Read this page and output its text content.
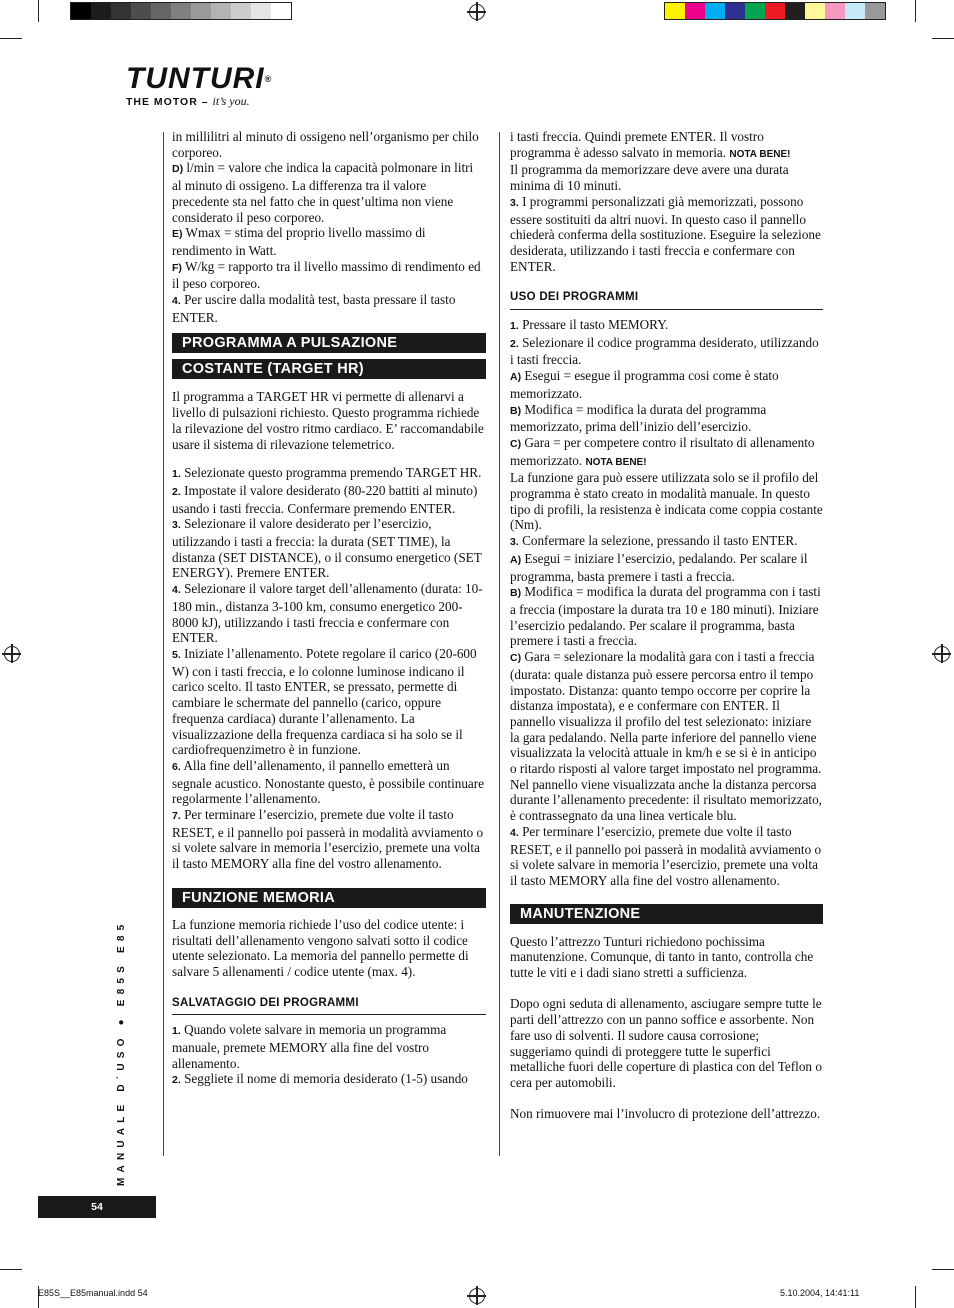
TUNTURI®
THE MOTOR – it’s you.
MANUALE D´USO ● E85S E85

in millilitri al minuto di ossigeno nell’organismo per chilo corporeo.

D) l/min = valore che indica la capacità polmonare in litri al minuto di ossigeno. La differenza tra il valore precedente sta nel fatto che in quest’ultima non viene considerato il peso corporeo.

E) Wmax = stima del proprio livello massimo di rendimento in Watt.

F) W/kg = rapporto tra il livello massimo di rendimento ed il peso corporeo.

4. Per uscire dalla modalità test, basta pressare il tasto ENTER.

PROGRAMMA A PULSAZIONE

COSTANTE (TARGET HR)

Il programma a TARGET HR vi permette di allenarvi a livello di pulsazioni richiesto. Questo programma richiede la rilevazione del vostro ritmo cardiaco. E’ raccomandabile usare il sistema di rilevazione telemetrico.

1. Selezionate questo programma premendo TARGET HR.

2. Impostate il valore desiderato (80-220 battiti al minuto) usando i tasti freccia. Confermare premendo ENTER.

3. Selezionare il valore desiderato per l’esercizio, utilizzando i tasti a freccia: la durata (SET TIME), la distanza (SET DISTANCE), o il consumo energetico (SET ENERGY). Premere ENTER.

4. Selezionare il valore target dell’allenamento (durata: 10-180 min., distanza 3-100 km, consumo energetico 200-8000 kJ), utilizzando i tasti freccia e confermare con ENTER.

5. Iniziate l’allenamento. Potete regolare il carico (20-600 W) con i tasti freccia, e lo colonne luminose indicano il carico scelto. Il tasto ENTER, se pressato, permette di cambiare le schermate del pannello (carico, oppure frequenza cardiaca) durante l’allenamento. La visualizzazione della frequenza cardiaca si ha solo se il cardiofrequenzimetro è in funzione.

6. Alla fine dell’allenamento, il pannello emetterà un segnale acustico. Nonostante questo, è possibile continuare regolarmente l’allenamento.

7. Per terminare l’esercizio, premete due volte il tasto RESET, e il pannello poi passerà in modalità avviamento o si volete salvare in memoria l’esercizio, premete una volta il tasto MEMORY alla fine del vostro allenamento.

FUNZIONE MEMORIA

La funzione memoria richiede l’uso del codice utente: i risultati dell’allenamento vengono salvati sotto il codice utente selezionato. La memoria del pannello permette di salvare 5 allenamenti / codice utente (max. 4).

SALVATAGGIO DEI PROGRAMMI

1. Quando volete salvare in memoria un programma manuale, premete MEMORY alla fine del vostro allenamento.

2. Seggliete il nome di memoria desiderato (1-5) usando

i tasti freccia. Quindi premete ENTER. Il vostro programma è adesso salvato in memoria. NOTA BENE!

Il programma da memorizzare deve avere una durata minima di 10 minuti.

3. I programmi personalizzati già memorizzati, possono essere sostituiti da altri nuovi. In questo caso il pannello chiederà conferma della sostituzione. Eseguire la selezione desiderata, utilizzando i tasti freccia e confermare con ENTER.

USO DEI PROGRAMMI

1. Pressare il tasto MEMORY.

2. Selezionare il codice programma desiderato, utilizzando i tasti freccia.

A) Esegui = esegue il programma cosi come è stato memorizzato.

B) Modifica = modifica la durata del programma memorizzato, prima dell’inizio dell’esercizio.

C) Gara = per competere contro il risultato di allenamento memorizzato. NOTA BENE!

La funzione gara può essere utilizzata solo se il profilo del programma è stato creato in modalità manuale. In questo tipo di profili, la resistenza è indicata come coppia costante (Nm).

3. Confermare la selezione, pressando il tasto ENTER.

A) Esegui = iniziare l’esercizio, pedalando. Per scalare il programma, basta premere i tasti a freccia.

B) Modifica = modifica la durata del programma con i tasti a freccia (impostare la durata tra 10 e 180 minuti). Iniziare l’esercizio pedalando. Per scalare il programma, basta premere i tasti a freccia.

C) Gara = selezionare la modalità gara con i tasti a freccia (durata: quale distanza può essere percorsa entro il tempo impostato. Distanza: quanto tempo occorre per coprire la distanza impostata), e e confermare con ENTER. Il pannello visualizza il profilo del test selezionato: iniziare la gara pedalando. Nella parte inferiore del pannello viene visualizzata la velocità attuale in km/h e se si è in anticipo o ritardo risposti al valore target impostato nel programma.

Nel pannello viene visualizzata anche la distanza percorsa durante l’allenamento precedente: il risultato memorizzato, è contrassegnato da una linea verticale blu.

4. Per terminare l’esercizio, premete due volte il tasto RESET, e il pannello poi passerà in modalità avviamento o si volete salvare in memoria l’esercizio, premete una volta il tasto MEMORY alla fine del vostro allenamento.

MANUTENZIONE

Questo l’attrezzo Tunturi richiedono pochissima manutenzione. Comunque, di tanto in tanto, controlla che tutte le viti e i dadi siano stretti a sufficienza.

Dopo ogni seduta di allenamento, asciugare sempre tutte le parti dell’attrezzo con un panno soffice e assorbente. Non fare uso di solventi. Il sudore causa corrosione; suggeriamo quindi di proteggere tutte le superfici metalliche fuori delle coperture di plastica con del Teflon o cera per automobili.

Non rimuovere mai l’involucro di protezione dell’attrezzo.

54
E85S__E85manual.indd 54	5.10.2004, 14:41:11
